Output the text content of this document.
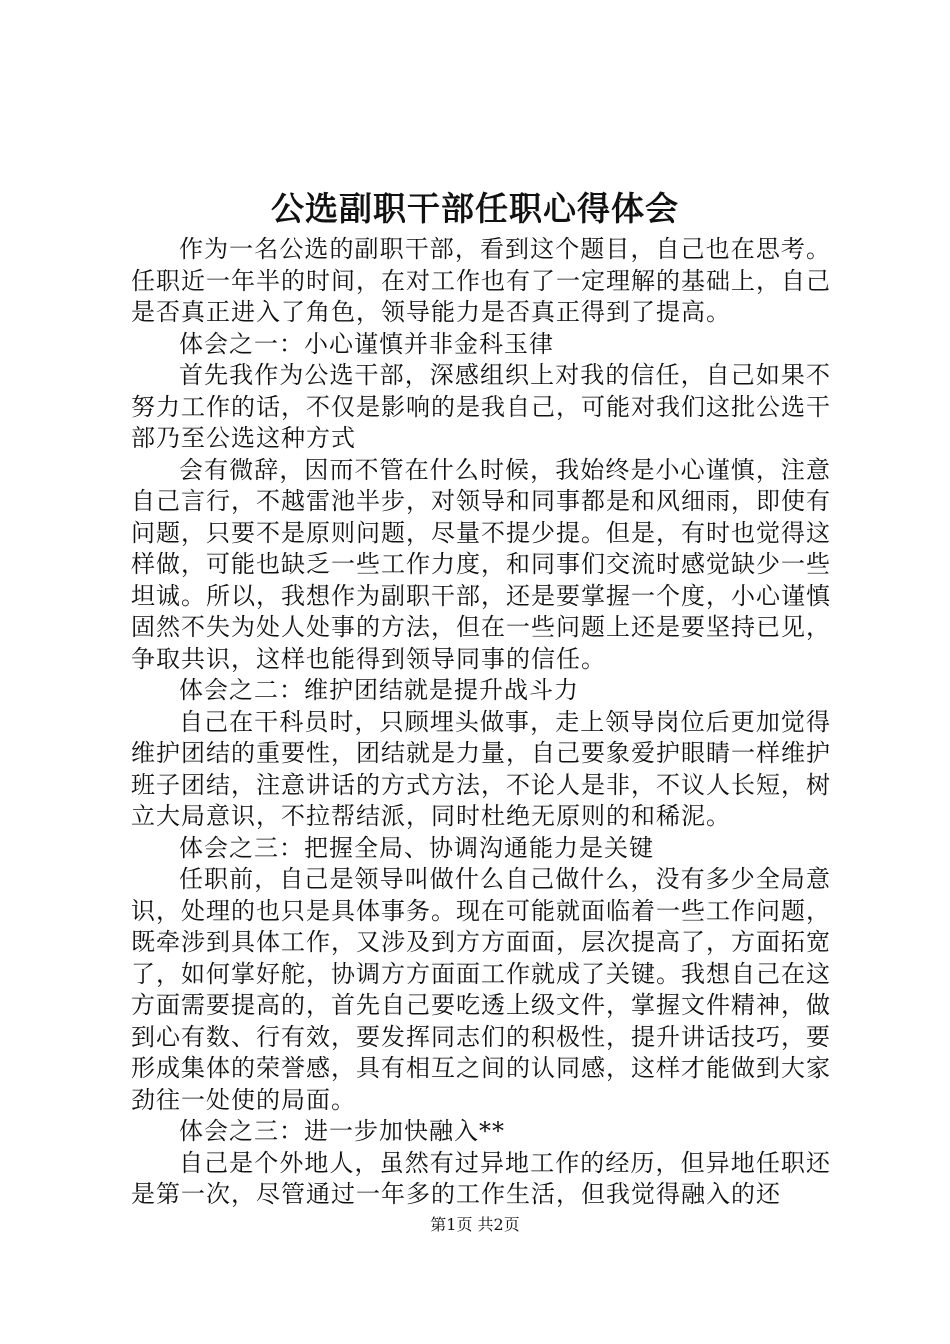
公选副职干部任职心得体会

作为一名公选的副职干部，看到这个题目，自己也在思考。任职近一年半的时间，在对工作也有了一定理解的基础上，自己是否真正进入了角色，领导能力是否真正得到了提高。

体会之一：小心谨慎并非金科玉律

首先我作为公选干部，深感组织上对我的信任，自己如果不努力工作的话，不仅是影响的是我自己，可能对我们这批公选干部乃至公选这种方式

会有微辞，因而不管在什么时候，我始终是小心谨慎，注意自己言行，不越雷池半步，对领导和同事都是和风细雨，即使有问题，只要不是原则问题，尽量不提少提。但是，有时也觉得这样做，可能也缺乏一些工作力度，和同事们交流时感觉缺少一些坦诚。所以，我想作为副职干部，还是要掌握一个度，小心谨慎固然不失为处人处事的方法，但在一些问题上还是要坚持已见，争取共识，这样也能得到领导同事的信任。

体会之二：维护团结就是提升战斗力

自己在干科员时，只顾埋头做事，走上领导岗位后更加觉得维护团结的重要性，团结就是力量，自己要象爱护眼睛一样维护班子团结，注意讲话的方式方法，不论人是非，不议人长短，树立大局意识，不拉帮结派，同时杜绝无原则的和稀泥。

体会之三：把握全局、协调沟通能力是关键

任职前，自己是领导叫做什么自己做什么，没有多少全局意识，处理的也只是具体事务。现在可能就面临着一些工作问题，既牵涉到具体工作，又涉及到方方面面，层次提高了，方面拓宽了，如何掌好舵，协调方方面面工作就成了关键。我想自己在这方面需要提高的，首先自己要吃透上级文件，掌握文件精神，做到心有数、行有效，要发挥同志们的积极性，提升讲话技巧，要形成集体的荣誉感，具有相互之间的认同感，这样才能做到大家劲往一处使的局面。

体会之三：进一步加快融入**

自己是个外地人，虽然有过异地工作的经历，但异地任职还是第一次，尽管通过一年多的工作生活，但我觉得融入的还

第1页 共2页
